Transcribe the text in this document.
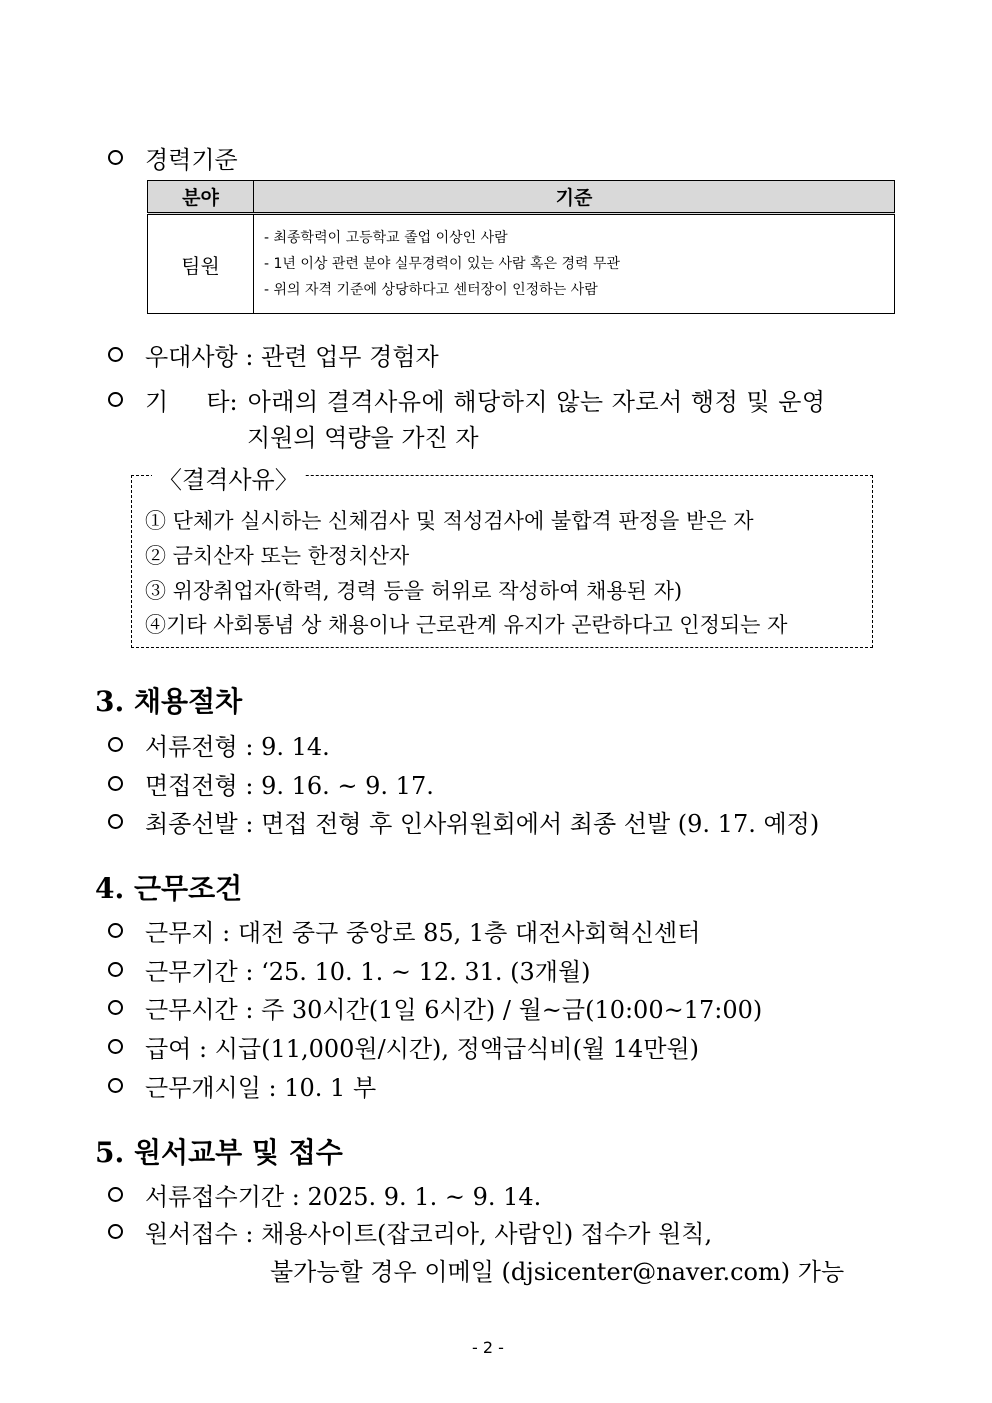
경력기준
분야	기준
팀원	- 최종학력이 고등학교 졸업 이상인 사람
- 1년 이상 관련 분야 실무경력이 있는 사람 혹은 경력 무관
- 위의 자격 기준에 상당하다고 센터장이 인정하는 사람
우대사항 : 관련 업무 경험자
기     타: 아래의 결격사유에 해당하지 않는 자로서 행정 및 운영
지원의 역량을 가진 자
〈결격사유〉
① 단체가 실시하는 신체검사 및 적성검사에 불합격 판정을 받은 자
② 금치산자 또는 한정치산자
③ 위장취업자(학력, 경력 등을 허위로 작성하여 채용된 자)
④기타 사회통념 상 채용이나 근로관계 유지가 곤란하다고 인정되는 자
3. 채용절차
서류전형 : 9. 14.
면접전형 : 9. 16. ~ 9. 17.
최종선발 : 면접 전형 후 인사위원회에서 최종 선발 (9. 17. 예정)
4. 근무조건
근무지 : 대전 중구 중앙로 85, 1층 대전사회혁신센터
근무기간 : ‘25. 10. 1. ~ 12. 31. (3개월)
근무시간 : 주 30시간(1일 6시간) / 월~금(10:00~17:00)
급여 : 시급(11,000원/시간), 정액급식비(월 14만원)
근무개시일 : 10. 1 부
5. 원서교부 및 접수
서류접수기간 : 2025. 9. 1. ~ 9. 14.
원서접수 : 채용사이트(잡코리아, 사람인) 접수가 원칙,
불가능할 경우 이메일 (djsicenter@naver.com) 가능
- 2 -
